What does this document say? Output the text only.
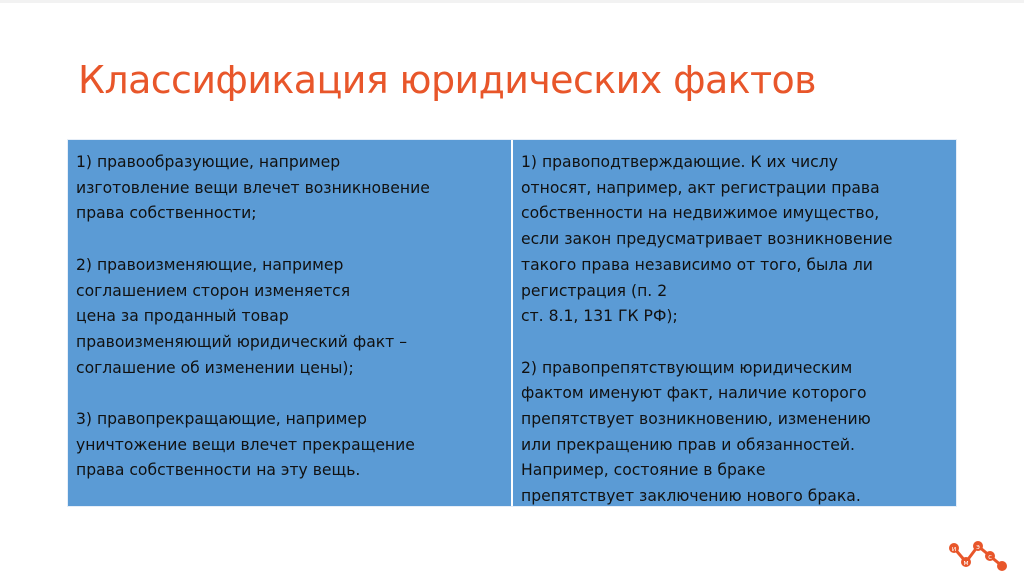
Классификация юридических фактов

1) правообразующие, например

изготовление вещи влечет возникновение

права собственности;

2) правоизменяющие, например

соглашением сторон изменяется

цена за проданный товар

правоизменяющий юридический факт –

соглашение об изменении цены);

3) правопрекращающие, например

уничтожение вещи влечет прекращение

права собственности на эту вещь.

1) правоподтверждающие. К их числу

относят, например, акт регистрации права

собственности на недвижимое имущество,

если закон предусматривает возникновение

такого права независимо от того, была ли

регистрация (п. 2

ст. 8.1, 131 ГК РФ);

2) правопрепятствующим юридическим

фактом именуют факт, наличие которого

препятствует возникновению, изменению

или прекращению прав и обязанностей.

Например, состояние в браке

препятствует заключению нового брака.

и
м
э
с
